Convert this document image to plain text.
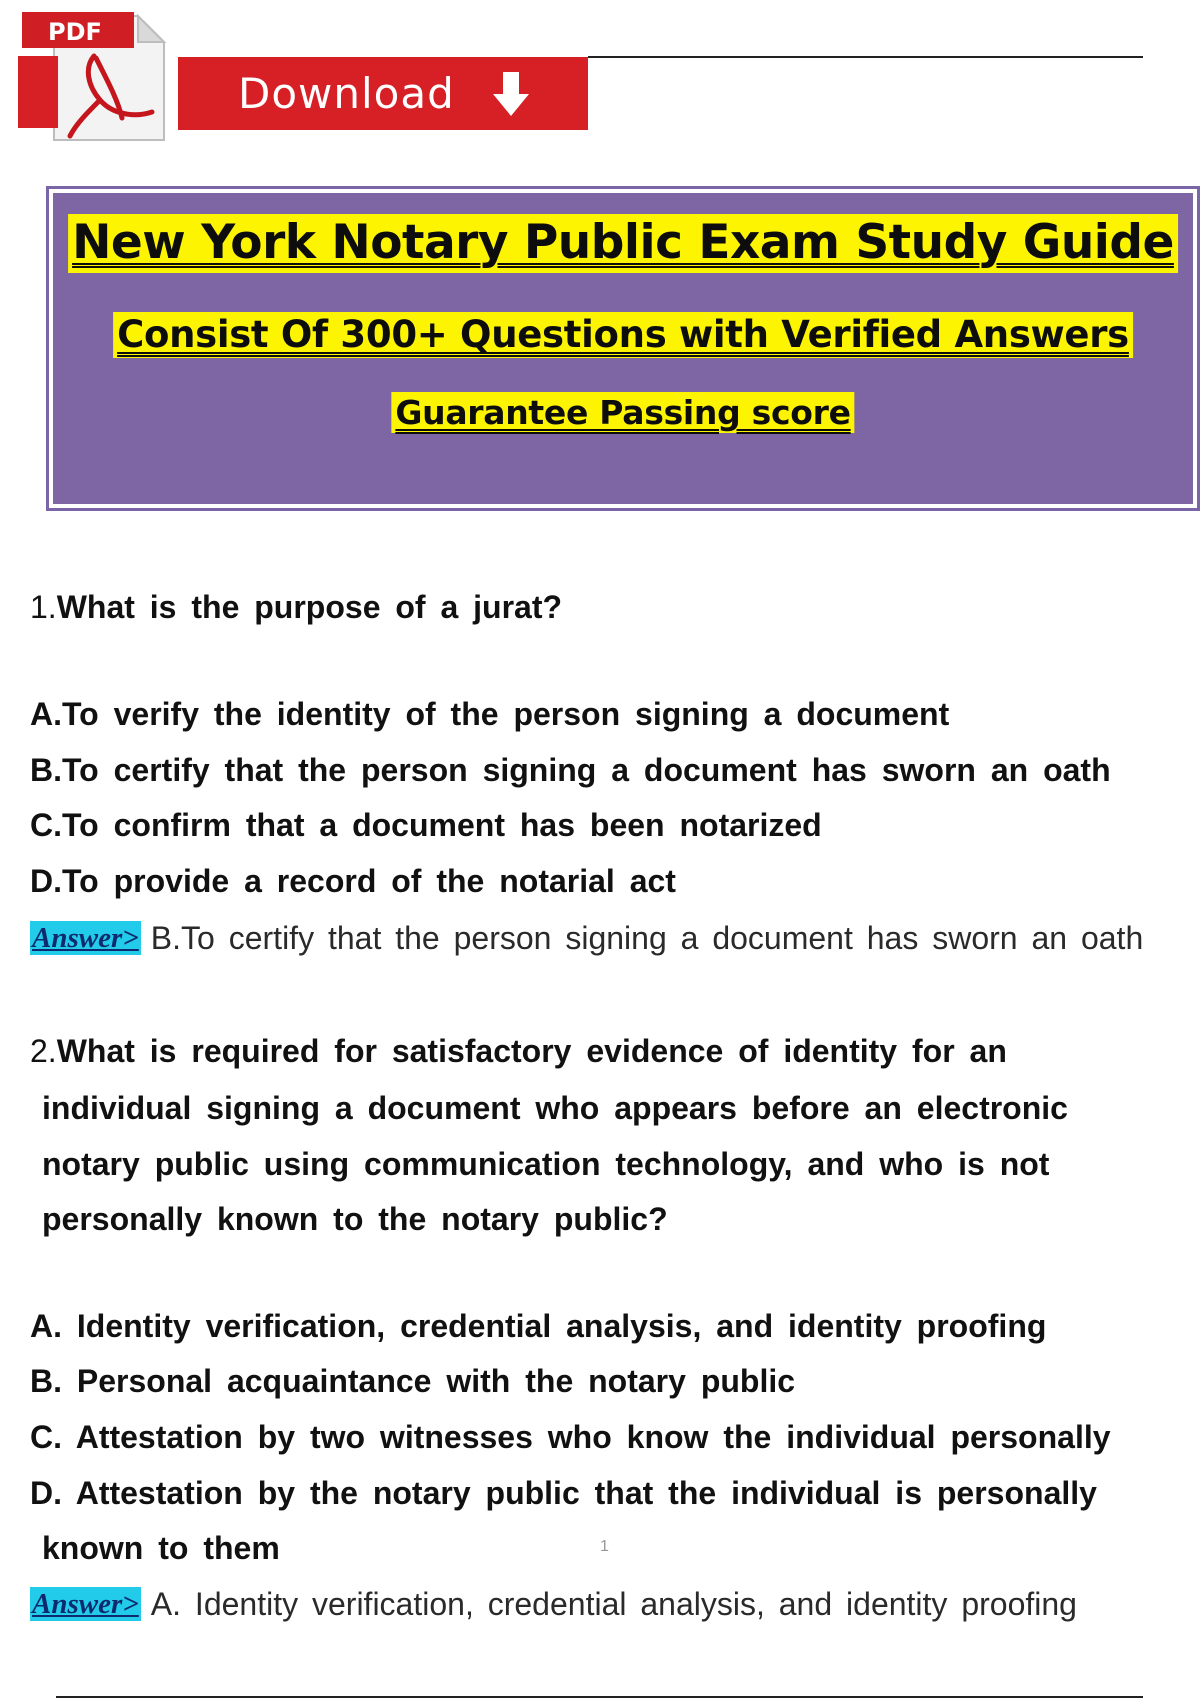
Download
PDF
New York Notary Public Exam Study Guide
Consist Of 300+ Questions with Verified Answers
Guarantee Passing score
1.What is the purpose of a jurat?
A.To verify the identity of the person signing a document
B.To certify that the person signing a document has sworn an oath
C.To confirm that a document has been notarized
D.To provide a record of the notarial act
Answer> B.To certify that the person signing a document has sworn an oath
2.What is required for satisfactory evidence of identity for an
individual signing a document who appears before an electronic
notary public using communication technology, and who is not
personally known to the notary public?
A. Identity verification, credential analysis, and identity proofing
B. Personal acquaintance with the notary public
C. Attestation by two witnesses who know the individual personally
D. Attestation by the notary public that the individual is personally
known to them	1
Answer> A. Identity verification, credential analysis, and identity proofing
